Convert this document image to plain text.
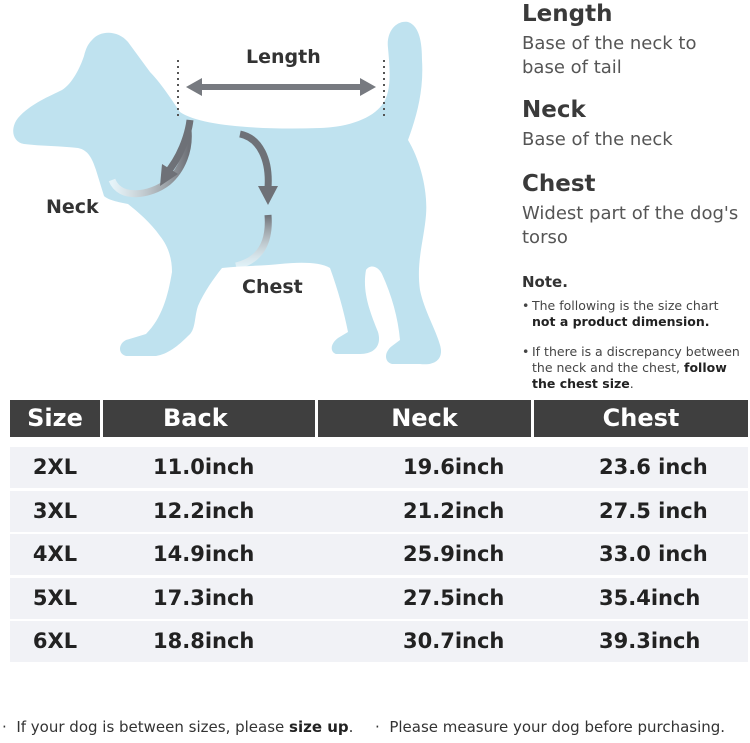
Length
Neck
Chest
Length
Base of the neck to base of tail
Neck
Base of the neck
Chest
Widest part of the dog's torso
Note.
• The following is the size chart
not a product dimension.
• If there is a discrepancy between the neck and the chest, follow the chest size.
Size	Back	Neck	Chest
2XL	11.0inch	19.6inch	23.6 inch
3XL	12.2inch	21.2inch	27.5 inch
4XL	14.9inch	25.9inch	33.0 inch
5XL	17.3inch	27.5inch	35.4inch
6XL	18.8inch	30.7inch	39.3inch
· If your dog is between sizes, please size up. · Please measure your dog before purchasing.
